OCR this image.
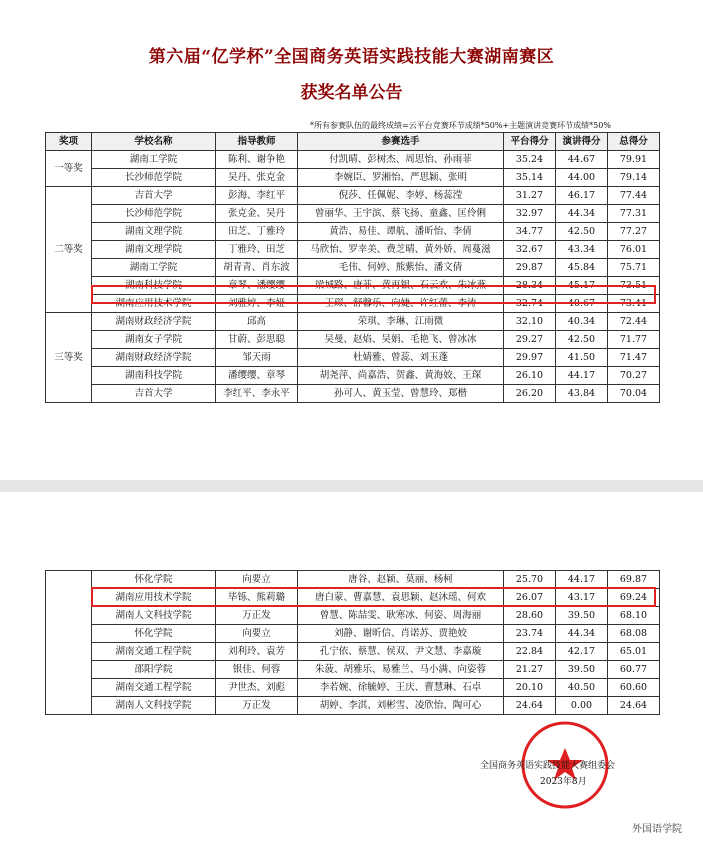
第六届“亿学杯”全国商务英语实践技能大赛湖南赛区
获奖名单公告
*所有参赛队伍的最终成绩=云平台竞赛环节成绩*50%+主题演讲竞赛环节成绩*50%
奖项	学校名称	指导教师	参赛选手	平台得分	演讲得分	总得分
一等奖	湖南工学院	陈利、谢争艳	付凯晴、彭树杰、周思怡、孙雨菲	35.24	44.67	79.91
	长沙师范学院	吴丹、张克金	李婉臣、罗湘怡、严思颖、张明	35.14	44.00	79.14
二等奖	吉首大学	彭海、李红平	倪莎、任佩妮、李婷、杨蕊滢	31.27	46.17	77.44
	长沙师范学院	张克金、吴丹	曾丽华、王宇滨、蔡飞扬、童鑫、匡伶俐	32.97	44.34	77.31
	湖南文理学院	田芝、丁雅玲	黄浩、易佳、谭航、潘昕怡、李倩	34.77	42.50	77.27
	湖南文理学院	丁雅玲、田芝	马欣怡、罗幸美、费芝晴、黄外娇、周蔓滋	32.67	43.34	76.01
	湖南工学院	胡青青、肖东波	毛伟、何婷、熊紫怡、潘文倩	29.87	45.84	75.71
	湖南科技学院	章琴、潘缨缨	梁城路、唐菲、黄再银、石云欢、朱冰燕	28.34	45.17	73.51
	湖南应用技术学院	刘雅婷、李娅	王琛、舒馨乐、向婕、许红蕾、李涛	32.74	40.67	73.41
三等奖	湖南财政经济学院	邱高	荣琪、李琳、江雨微	32.10	40.34	72.44
	湖南女子学院	甘蔚、彭思聪	吴曼、赵焰、吴娟、毛艳飞、曾冰冰	29.27	42.50	71.77
	湖南财政经济学院	邹天雨	杜婧雅、曾蕊、刘玉蓬	29.97	41.50	71.47
	湖南科技学院	潘缨缨、章琴	胡尧萍、尚嘉浩、贺鑫、黄海姣、王琛	26.10	44.17	70.27
	吉首大学	李红平、李永平	孙可人、黄玉莹、曾慧玲、郑楷	26.20	43.84	70.04
	怀化学院	向要立	唐谷、赵颖、莫丽、杨柯	25.70	44.17	69.87
	湖南应用技术学院	毕铄、熊莉璐	唐白蒙、曹嘉慧、袁思颖、赵沐瑶、何欢	26.07	43.17	69.24
	湖南人文科技学院	万正发	曾慧、陈喆雯、耿寒冰、何姿、周海丽	28.60	39.50	68.10
	怀化学院	向要立	刘静、谢昕信、肖诺苏、贾艳姣	23.74	44.34	68.08
	湖南交通工程学院	刘利玲、袁芳	孔宁依、蔡慧、侯双、尹文慧、李嘉璇	22.84	42.17	65.01
	邵阳学院	银佳、何蓉	朱菠、胡雅乐、易雅兰、马小满、向姿蓉	21.27	39.50	60.77
	湖南交通工程学院	尹世杰、刘彪	李若婉、徐毓婷、王庆、曹慧琳、石卓	20.10	40.50	60.60
	湖南人文科技学院	万正发	胡婷、李淇、刘彬雪、凌欣怡、陶可心	24.64	0.00	24.64
全国商务英语实践技能大赛组委会
2023年8月
外国语学院
